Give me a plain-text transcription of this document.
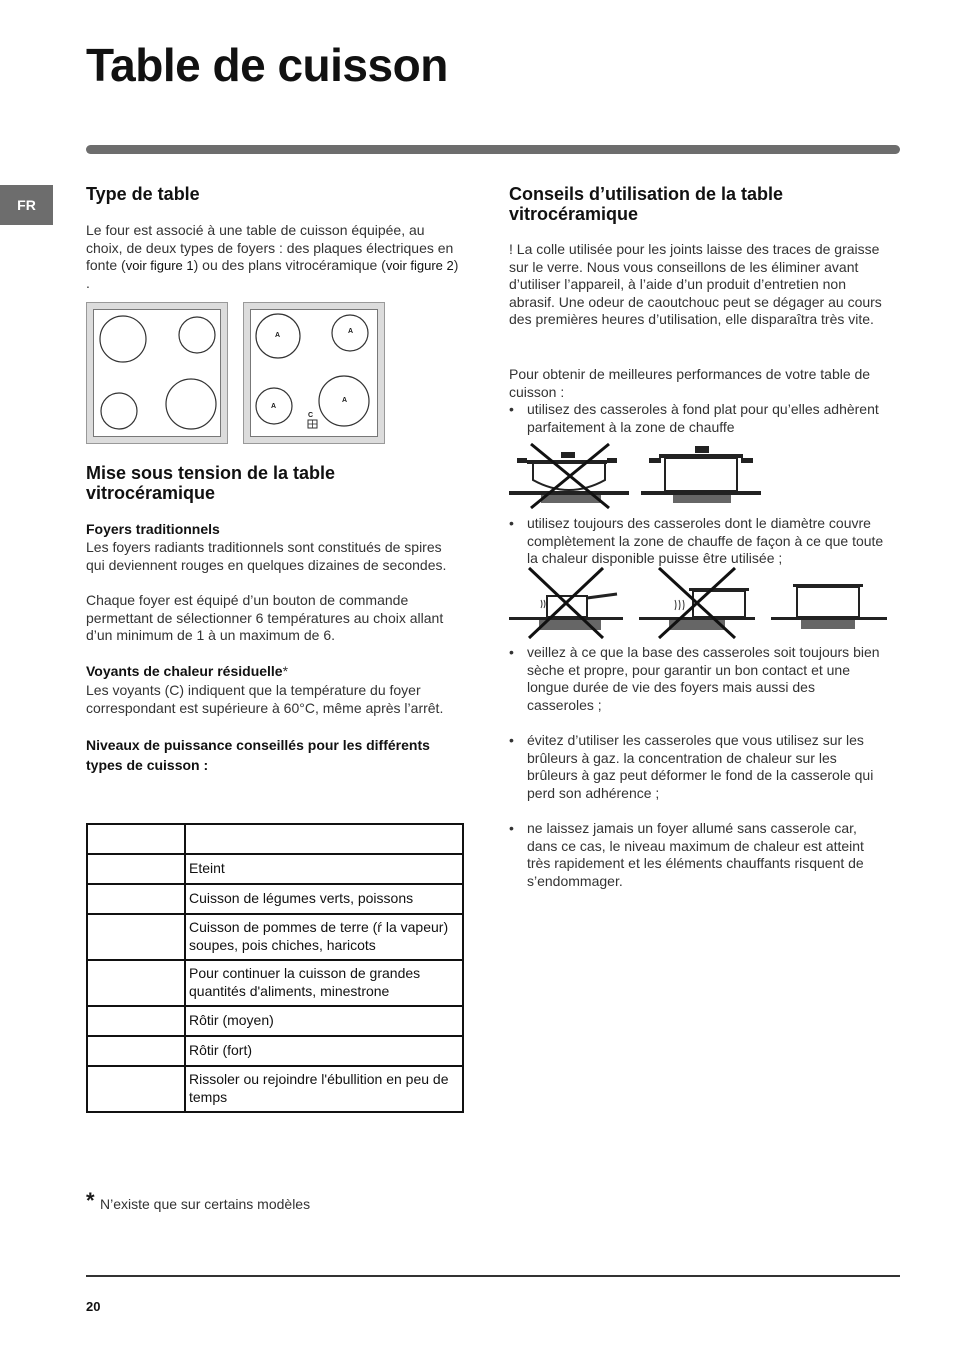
Table de cuisson
FR
Type de table

Le four est associé à une table de cuisson équipée, au choix, de deux types de foyers : des plaques électriques en fonte (voir figure 1) ou des plans vitrocéramique (voir figure 2) .

A
A
A
A
C
Mise sous tension de la table vitrocéramique
Foyers traditionnels

Les foyers radiants traditionnels sont constitués de spires qui deviennent rouges en quelques dizaines de secondes.

Chaque foyer est équipé d’un bouton de commande permettant de sélectionner 6 températures au choix allant d’un minimum de 1 à un maximum de 6.

Voyants de chaleur résiduelle*

Les voyants (C) indiquent que la température du foyer correspondant est supérieure à 60°C, même après l’arrêt.

Niveaux de puissance conseillés pour les différents types de cuisson :

	Eteint
	Cuisson de légumes verts, poissons
	Cuisson de pommes de terre (ŕ la vapeur) soupes, pois chiches, haricots
	Pour continuer la cuisson de grandes quantités d'aliments, minestrone
	Rôtir (moyen)
	Rôtir (fort)
	Rissoler ou rejoindre l'ébullition en peu de temps
Conseils d’utilisation de la table vitrocéramique

! La colle utilisée pour les joints laisse des traces de graisse sur le verre. Nous vous conseillons de les éliminer avant d’utiliser l’appareil, à l’aide d’un produit d’entretien non abrasif. Une odeur de caoutchouc peut se dégager au cours des premières heures d’utilisation, elle disparaîtra très vite.

Pour obtenir de meilleures performances de votre table de cuisson :

• utilisez des casseroles à fond plat pour qu’elles adhèrent parfaitement à la zone de chauffe
• utilisez toujours des casseroles dont le diamètre couvre complètement la zone de chauffe de façon à ce que toute la chaleur disponible puisse être utilisée ;
• veillez à ce que la base des casseroles soit toujours bien sèche et propre, pour garantir un bon contact et une longue durée de vie des foyers mais aussi des casseroles ;
• évitez d’utiliser les casseroles que vous utilisez sur les brûleurs à gaz. la concentration de chaleur sur les brûleurs à gaz peut déformer le fond de la casserole qui perd son adhérence ;
• ne laissez jamais un foyer allumé sans casserole car, dans ce cas, le niveau maximum de chaleur est atteint très rapidement et les éléments chauffants risquent de s’endommager.
* N’existe que sur certains modèles
20
